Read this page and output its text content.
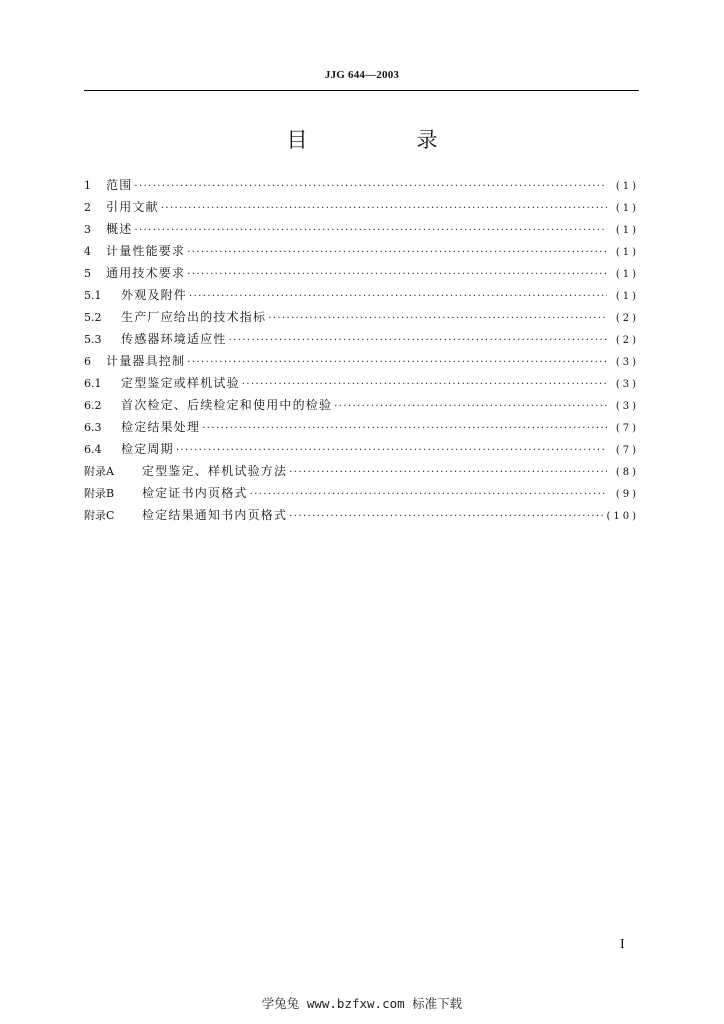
JJG 644—2003
目　录
1	范围 ·····	(1)
2	引用文献 ·····	(1)
3	概述 ·····	(1)
4	计量性能要求 ·····	(1)
5	通用技术要求 ·····	(1)
5.1	外观及附件 ·····	(1)
5.2	生产厂应给出的技术指标 ·····	(2)
5.3	传感器环境适应性 ·····	(2)
6	计量器具控制 ·····	(3)
6.1	定型鉴定或样机试验 ·····	(3)
6.2	首次检定、后续检定和使用中的检验 ·····	(3)
6.3	检定结果处理 ·····	(7)
6.4	检定周期 ·····	(7)
附录A	定型鉴定、样机试验方法 ·····	(8)
附录B	检定证书内页格式 ·····	(9)
附录C	检定结果通知书内页格式 ·····	(10)
I
学兔兔 www.bzfxw.com 标准下载
